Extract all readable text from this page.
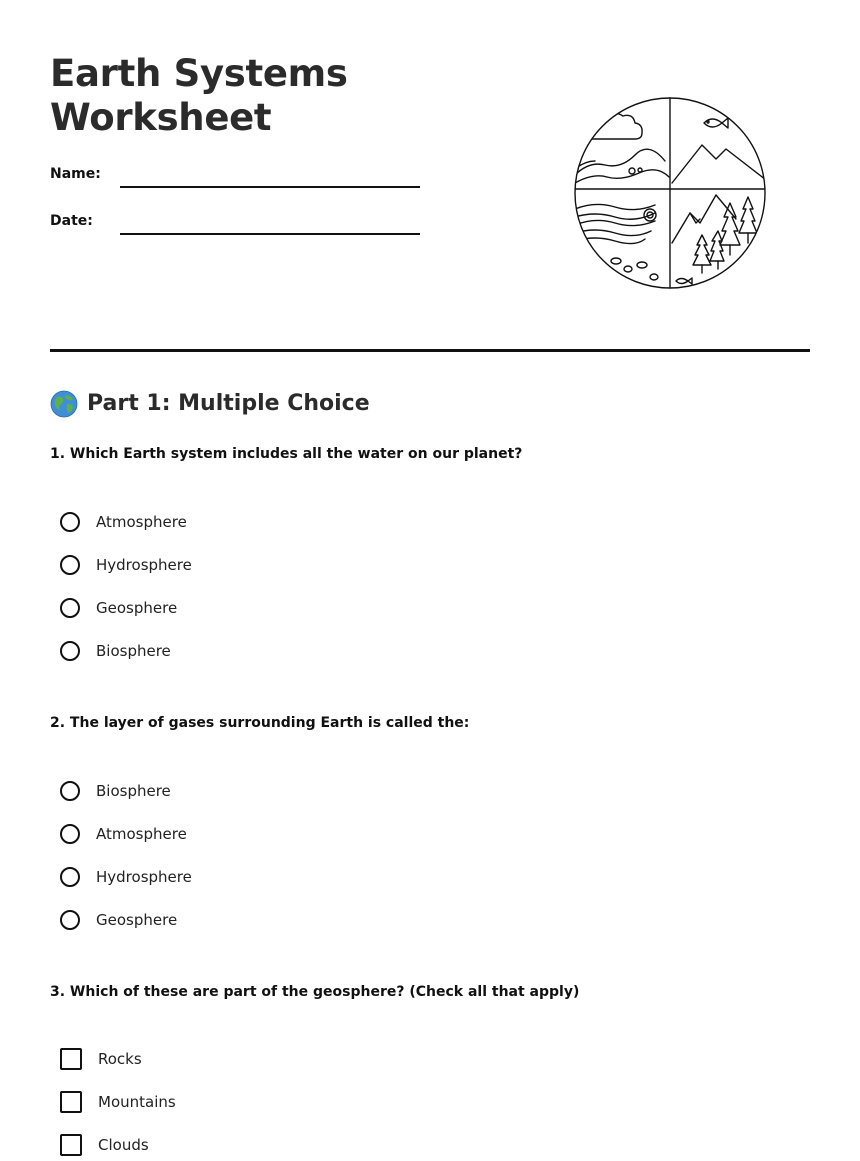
Earth Systems
Worksheet
Name:
Date:
Part 1: Multiple Choice

1. Which Earth system includes all the water on our planet?

Atmosphere
Hydrosphere
Geosphere
Biosphere

2. The layer of gases surrounding Earth is called the:

Biosphere
Atmosphere
Hydrosphere
Geosphere

3. Which of these are part of the geosphere? (Check all that apply)

Rocks
Mountains
Clouds
